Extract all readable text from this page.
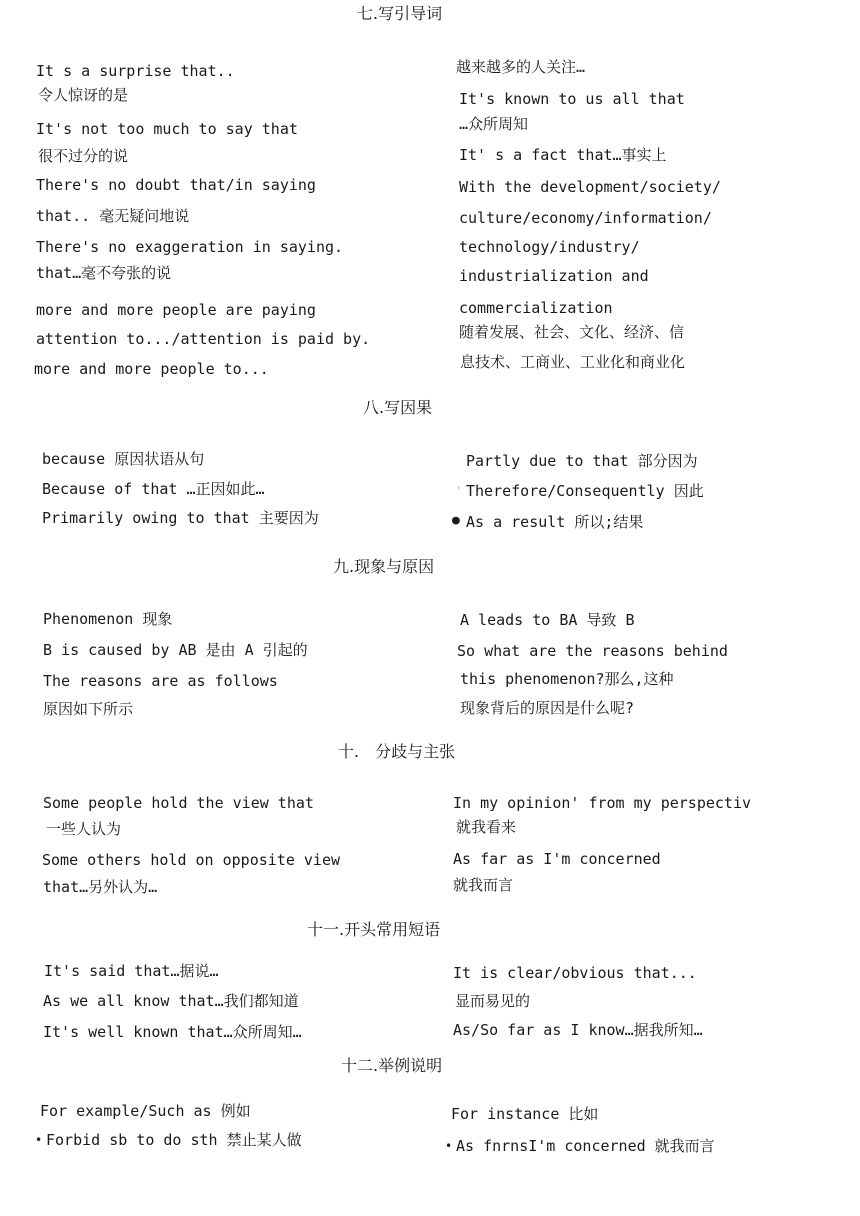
七.写引导词
It s a surprise that..
令人惊讶的是
It's not too much to say that
很不过分的说
There's no doubt that/in saying
that.. 毫无疑问地说
There's no exaggeration in saying.
that…毫不夸张的说
more and more people are paying
attention to.../attention is paid by.
more and more people to...
越来越多的人关注…
It's known to us all that
…众所周知
It' s a fact that…事实上
With the development/society/
culture/economy/information/
technology/industry/
industrialization and
commercialization
随着发展、社会、文化、经济、信
息技术、工商业、工业化和商业化
八.写因果
because 原因状语从句
Because of that …正因如此…
Primarily owing to that 主要因为
Partly due to that 部分因为
' Therefore/Consequently 因此
● As a result 所以;结果
九.现象与原因
Phenomenon 现象
B is caused by AB 是由 A 引起的
The reasons are as follows
原因如下所示
A leads to BA 导致 B
So what are the reasons behind
this phenomenon?那么,这种
现象背后的原因是什么呢?
十.　分歧与主张
Some people hold the view that
一些人认为
Some others hold on opposite view
that…另外认为…
In my opinion' from my perspectiv
就我看来
As far as I'm concerned
就我而言
十一.开头常用短语
It's said that…据说…
As we all know that…我们都知道
It's well known that…众所周知…
It is clear/obvious that...
显而易见的
As/So far as I know…据我所知…
十二.举例说明
For example/Such as 例如
• Forbid sb to do sth 禁止某人做
For instance 比如
• As fnrnsI'm concerned 就我而言
